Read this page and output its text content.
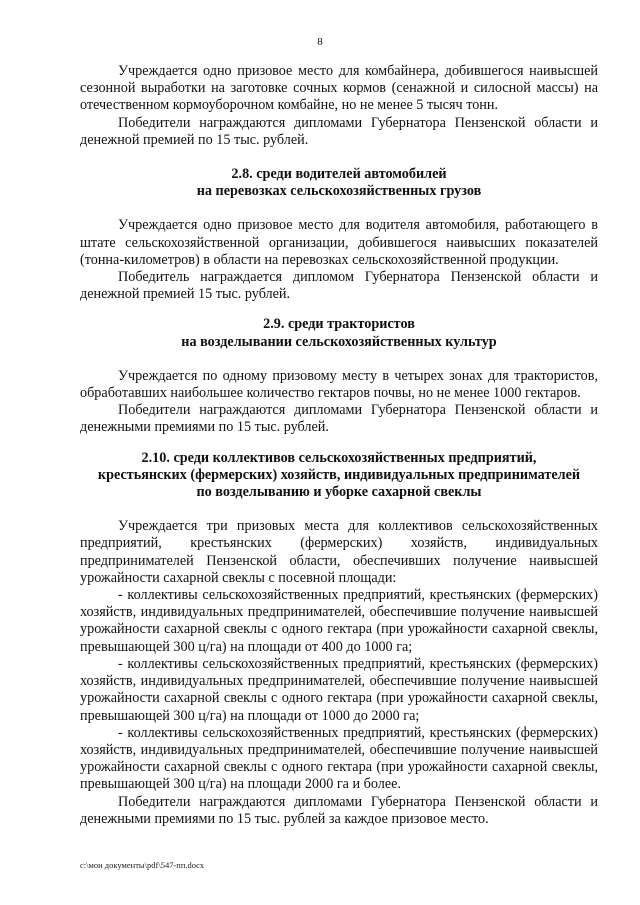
8

Учреждается одно призовое место для комбайнера, добившегося наивысшей сезонной выработки на заготовке сочных кормов (сенажной и силосной массы) на отечественном кормоуборочном комбайне, но не менее 5 тысяч тонн.

Победители награждаются дипломами Губернатора Пензенской области и денежной премией по 15 тыс. рублей.

2.8. среди водителей автомобилей
на перевозках сельскохозяйственных грузов

Учреждается одно призовое место для водителя автомобиля, работающего в штате сельскохозяйственной организации, добившегося наивысших показателей (тонна-километров) в области на перевозках сельскохозяйственной продукции.

Победитель награждается дипломом Губернатора Пензенской области и денежной премией 15 тыс. рублей.

2.9. среди трактористов
на возделывании сельскохозяйственных культур

Учреждается по одному призовому месту в четырех зонах для трактористов, обработавших наибольшее количество гектаров почвы, но не менее 1000 гектаров.

Победители награждаются дипломами Губернатора Пензенской области и денежными премиями по 15 тыс. рублей.

2.10. среди коллективов сельскохозяйственных предприятий,
крестьянских (фермерских) хозяйств, индивидуальных предпринимателей
по возделыванию и уборке сахарной свеклы

Учреждается три призовых места для коллективов сельскохозяйственных предприятий, крестьянских (фермерских) хозяйств, индивидуальных предпринимателей Пензенской области, обеспечивших получение наивысшей урожайности сахарной свеклы с посевной площади:

- коллективы сельскохозяйственных предприятий, крестьянских (фермерских) хозяйств, индивидуальных предпринимателей, обеспечившие получение наивысшей урожайности сахарной свеклы с одного гектара (при урожайности сахарной свеклы, превышающей 300 ц/га) на площади от 400 до 1000 га;

- коллективы сельскохозяйственных предприятий, крестьянских (фермерских) хозяйств, индивидуальных предпринимателей, обеспечившие получение наивысшей урожайности сахарной свеклы с одного гектара (при урожайности сахарной свеклы, превышающей 300 ц/га) на площади от 1000 до 2000 га;

- коллективы сельскохозяйственных предприятий, крестьянских (фермерских) хозяйств, индивидуальных предпринимателей, обеспечившие получение наивысшей урожайности сахарной свеклы с одного гектара (при урожайности сахарной свеклы, превышающей 300 ц/га) на площади 2000 га и более.

Победители награждаются дипломами Губернатора Пензенской области и денежными премиями по 15 тыс. рублей за каждое призовое место.

c:\мои документы\pdf\547-пп.docx
